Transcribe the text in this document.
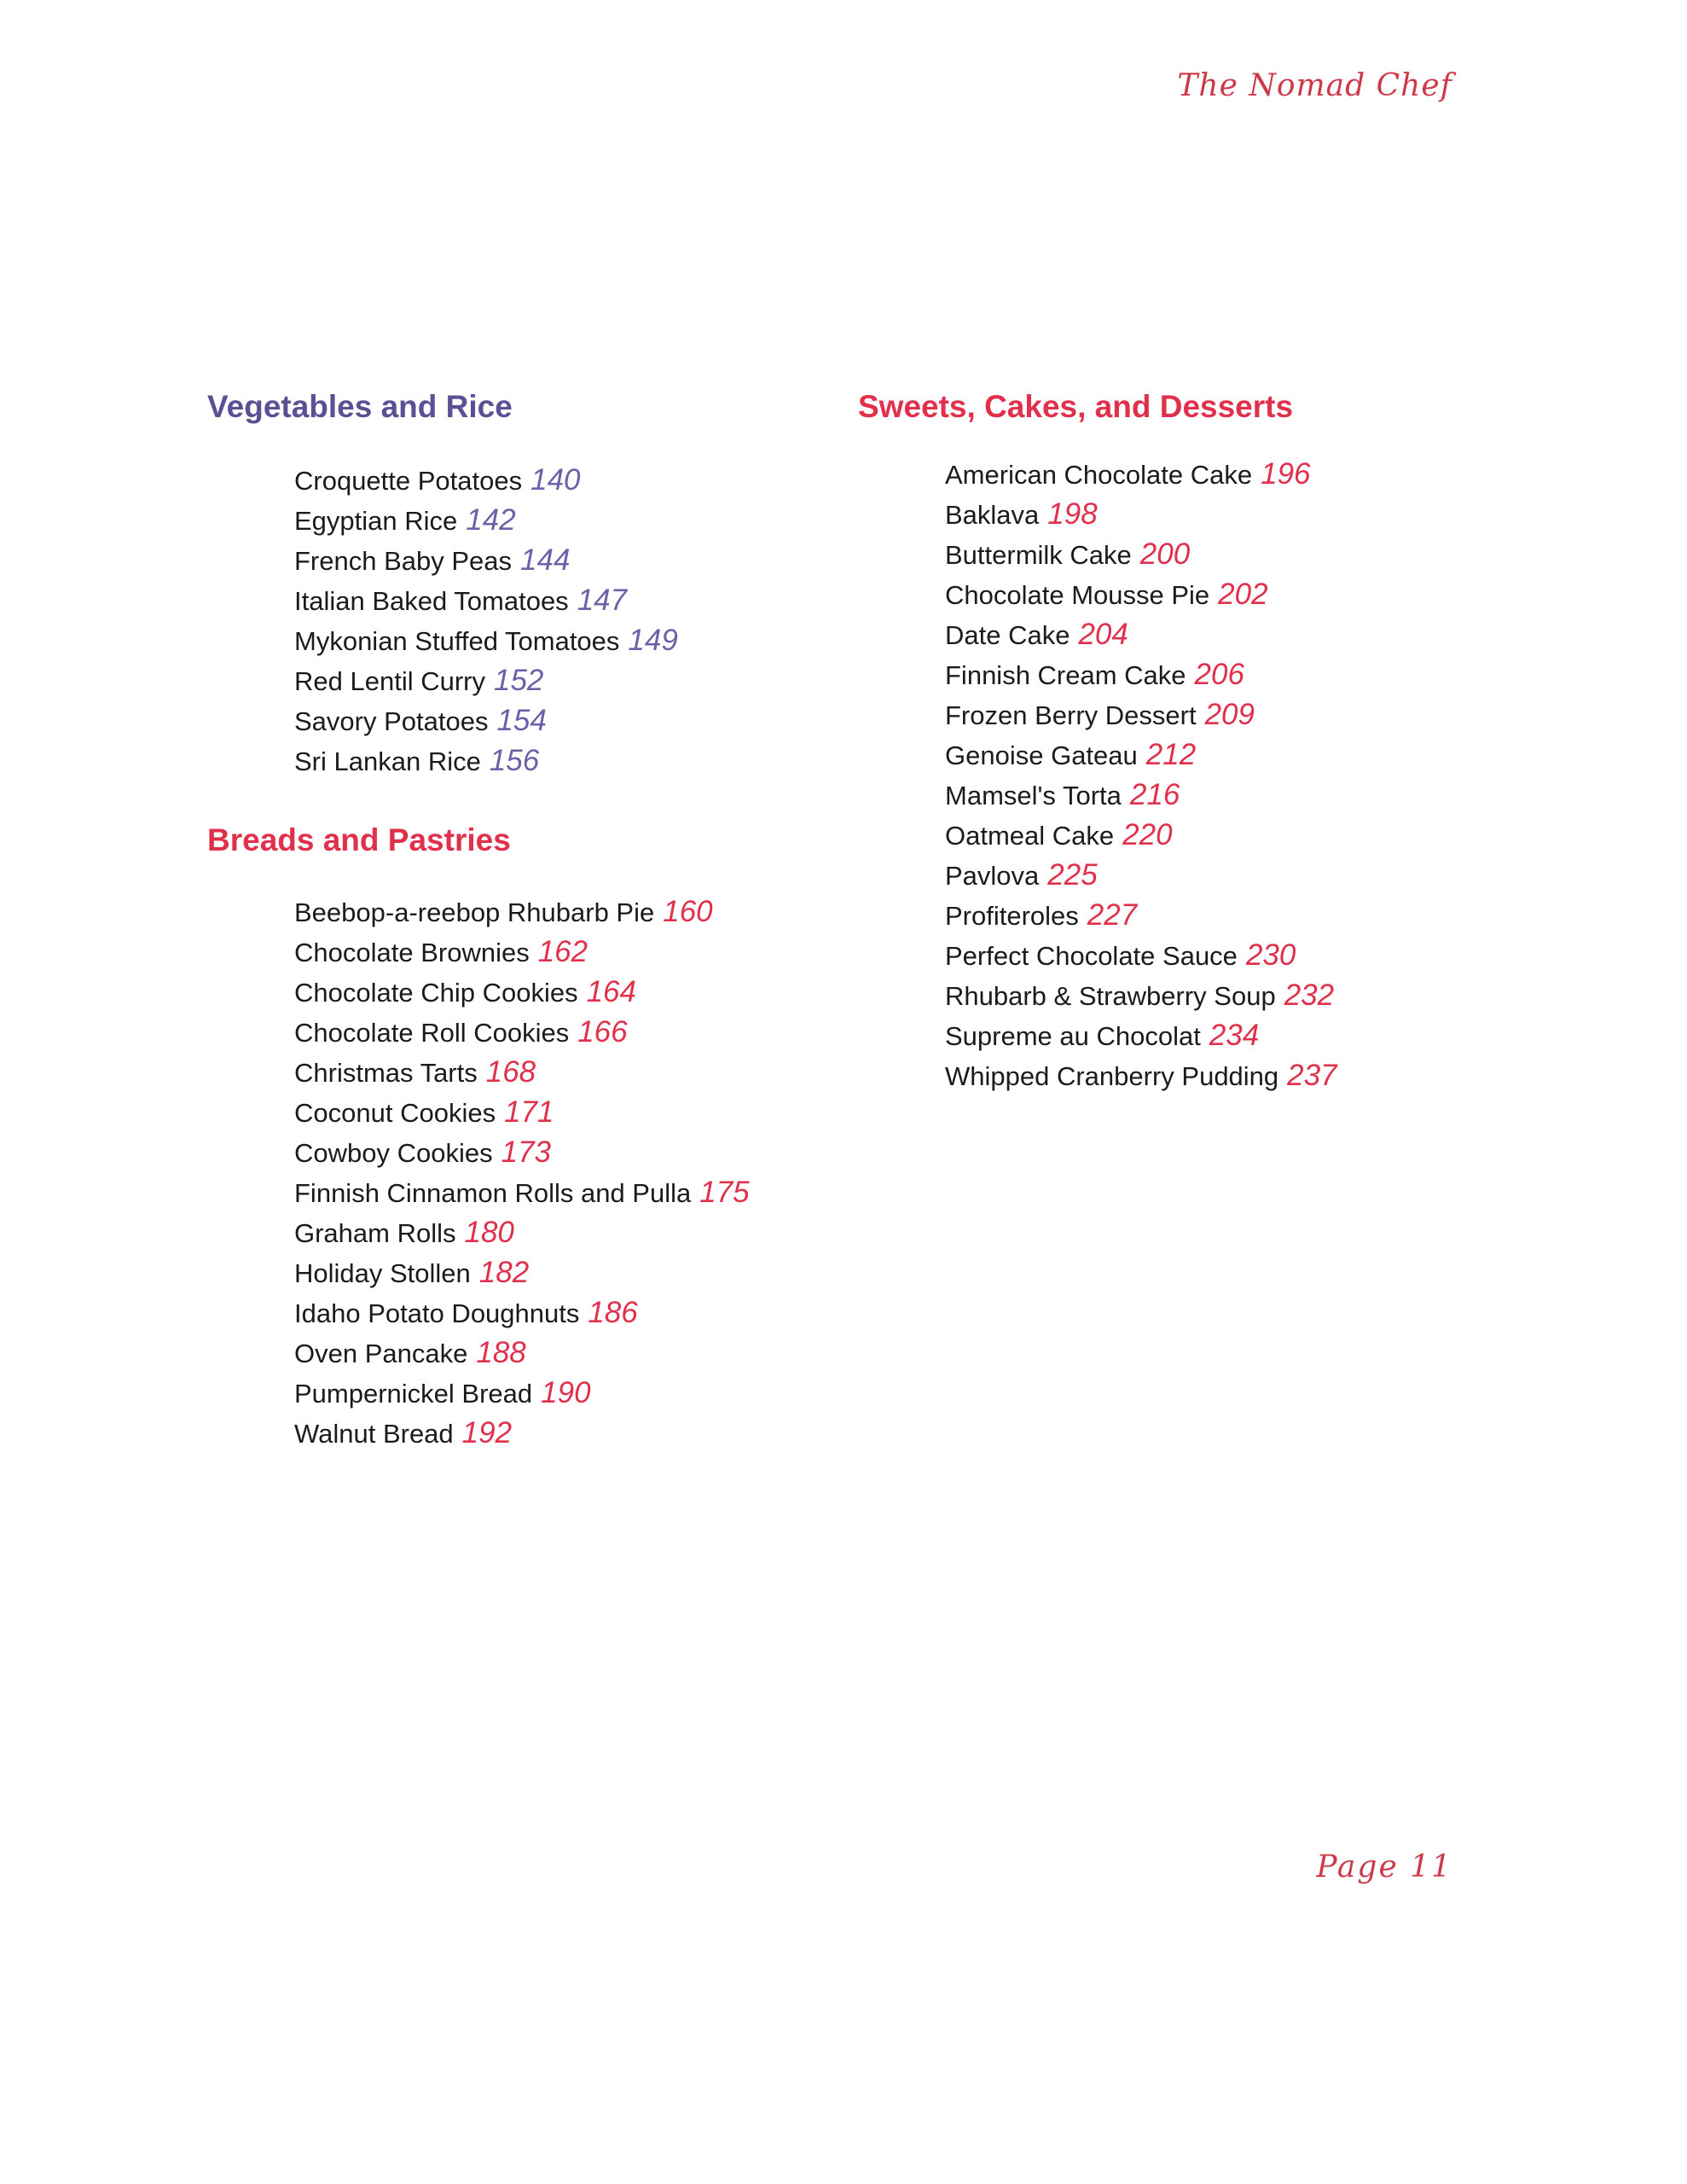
The Nomad Chef
Vegetables and Rice
Croquette Potatoes 140
Egyptian Rice 142
French Baby Peas 144
Italian Baked Tomatoes 147
Mykonian Stuffed Tomatoes 149
Red Lentil Curry 152
Savory Potatoes 154
Sri Lankan Rice 156
Breads and Pastries
Beebop-a-reebop Rhubarb Pie 160
Chocolate Brownies 162
Chocolate Chip Cookies 164
Chocolate Roll Cookies 166
Christmas Tarts 168
Coconut Cookies 171
Cowboy Cookies 173
Finnish Cinnamon Rolls and Pulla 175
Graham Rolls 180
Holiday Stollen 182
Idaho Potato Doughnuts 186
Oven Pancake 188
Pumpernickel Bread 190
Walnut Bread 192
Sweets, Cakes, and Desserts
American Chocolate Cake 196
Baklava 198
Buttermilk Cake 200
Chocolate Mousse Pie 202
Date Cake 204
Finnish Cream Cake 206
Frozen Berry Dessert 209
Genoise Gateau 212
Mamsel's Torta 216
Oatmeal Cake 220
Pavlova 225
Profiteroles 227
Perfect Chocolate Sauce 230
Rhubarb & Strawberry Soup 232
Supreme au Chocolat 234
Whipped Cranberry Pudding 237
Page 11
